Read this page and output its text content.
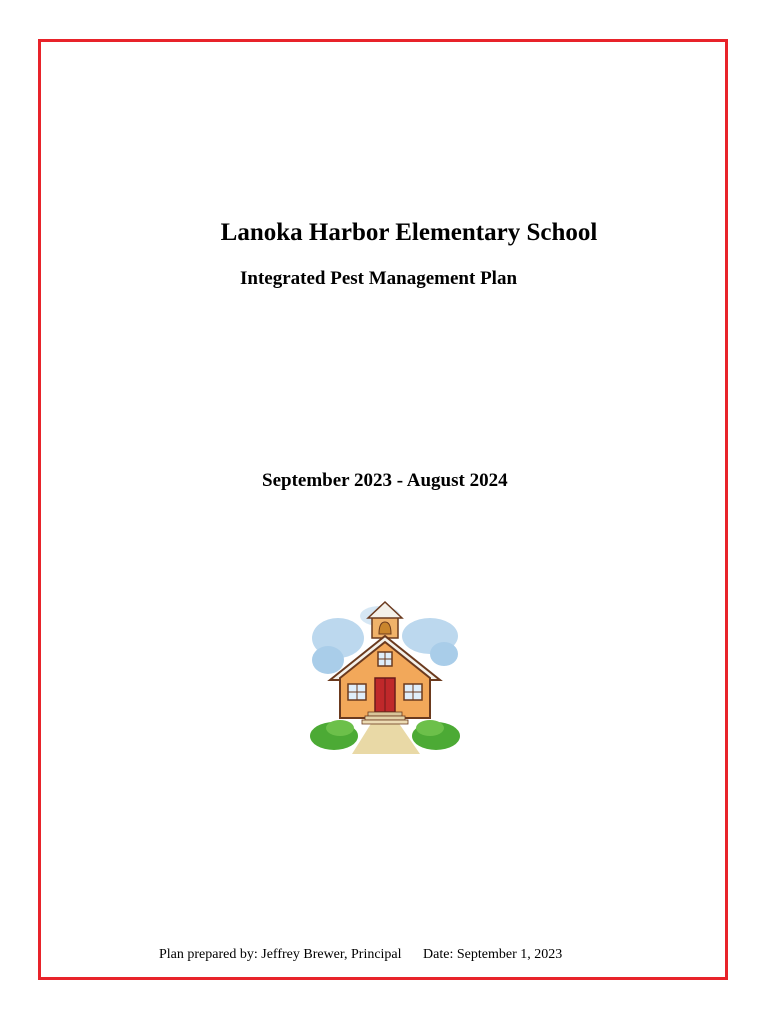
Lanoka Harbor Elementary School
Integrated Pest Management Plan
September 2023 - August 2024
Plan prepared by: Jeffrey Brewer, Principal Date: September 1, 2023
